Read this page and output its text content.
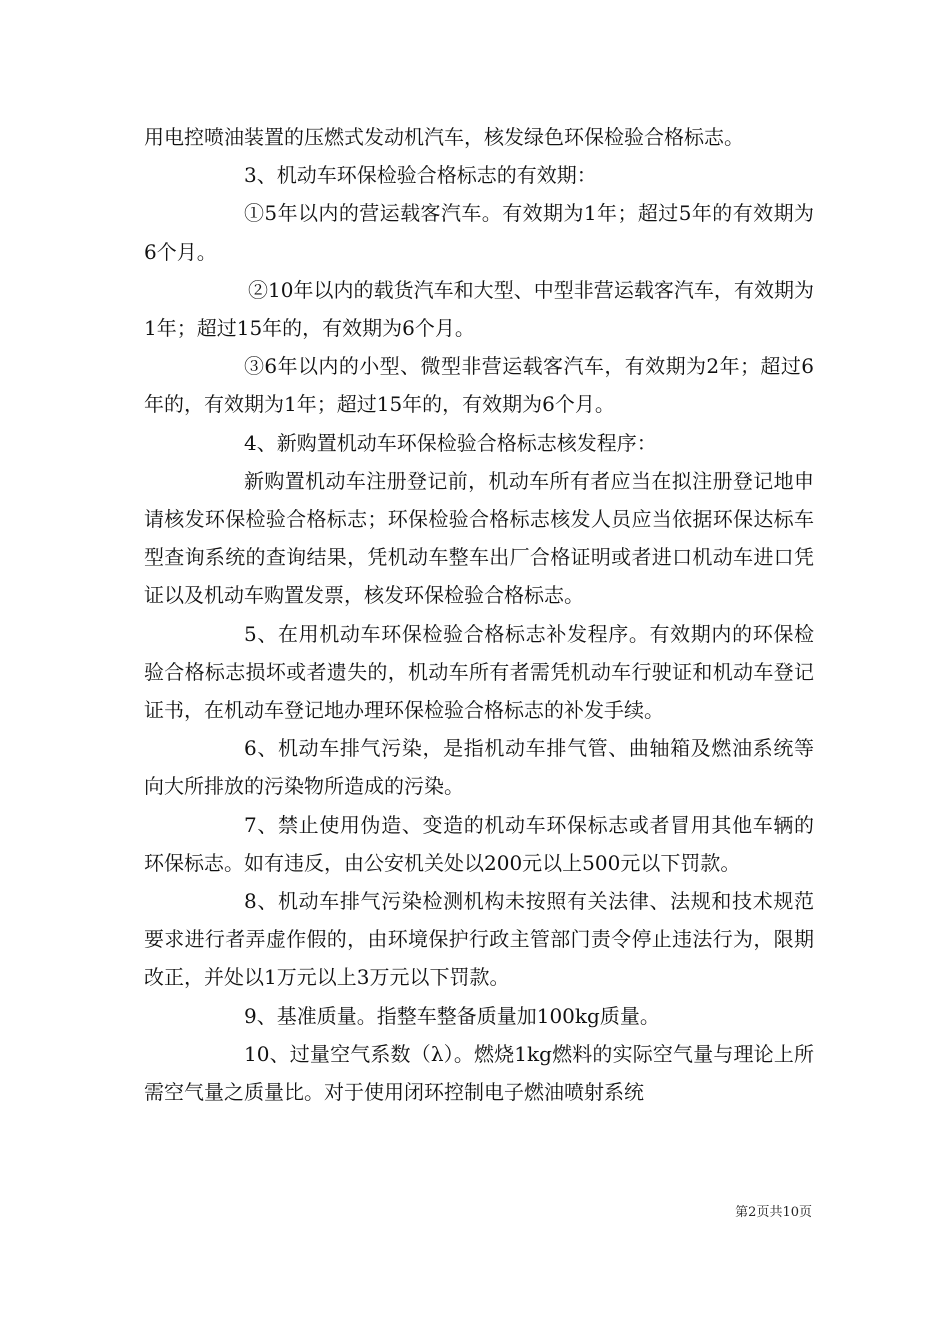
用电控喷油装置的压燃式发动机汽车，核发绿色环保检验合格标志。

3、机动车环保检验合格标志的有效期：

①5年以内的营运载客汽车。有效期为1年；超过5年的有效期为6个月。

②10年以内的载货汽车和大型、中型非营运载客汽车，有效期为1年；超过15年的，有效期为6个月。

③6年以内的小型、微型非营运载客汽车，有效期为2年；超过6年的，有效期为1年；超过15年的，有效期为6个月。

4、新购置机动车环保检验合格标志核发程序：

新购置机动车注册登记前，机动车所有者应当在拟注册登记地申请核发环保检验合格标志；环保检验合格标志核发人员应当依据环保达标车型查询系统的查询结果，凭机动车整车出厂合格证明或者进口机动车进口凭证以及机动车购置发票，核发环保检验合格标志。

5、在用机动车环保检验合格标志补发程序。有效期内的环保检验合格标志损坏或者遗失的，机动车所有者需凭机动车行驶证和机动车登记证书，在机动车登记地办理环保检验合格标志的补发手续。

6、机动车排气污染，是指机动车排气管、曲轴箱及燃油系统等向大所排放的污染物所造成的污染。

7、禁止使用伪造、变造的机动车环保标志或者冒用其他车辆的环保标志。如有违反，由公安机关处以200元以上500元以下罚款。

8、机动车排气污染检测机构未按照有关法律、法规和技术规范要求进行者弄虚作假的，由环境保护行政主管部门责令停止违法行为，限期改正，并处以1万元以上3万元以下罚款。

9、基准质量。指整车整备质量加100kg质量。

10、过量空气系数（λ）。燃烧1kg燃料的实际空气量与理论上所需空气量之质量比。对于使用闭环控制电子燃油喷射系统

第2页共10页
